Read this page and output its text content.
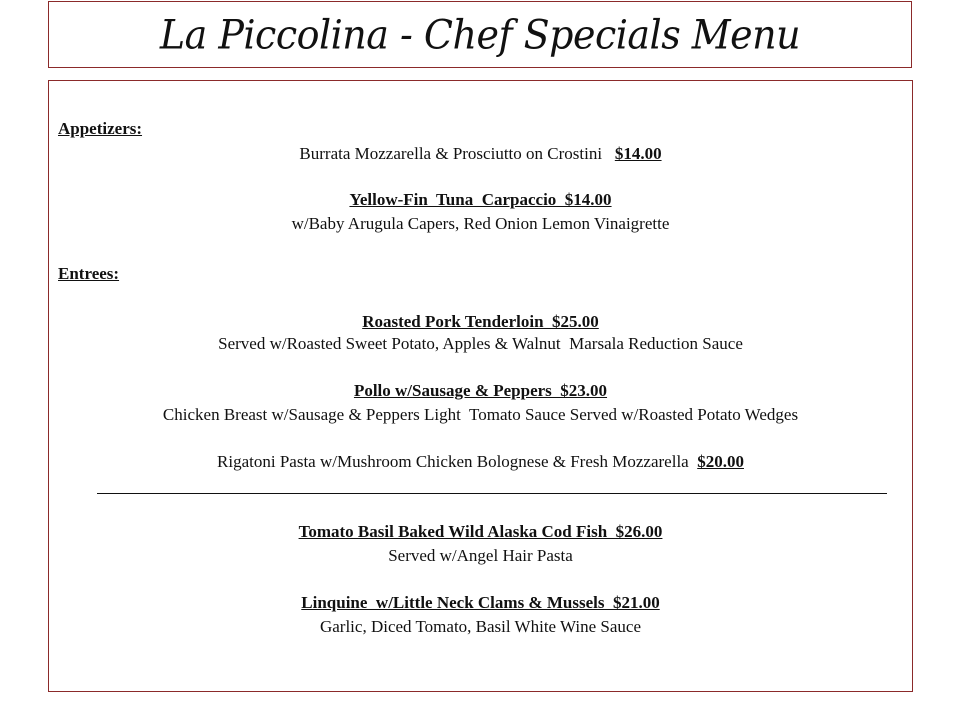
La Piccolina - Chef Specials Menu
Appetizers:
Burrata Mozzarella & Prosciutto on Crostini $14.00
Yellow-Fin  Tuna  Carpaccio  $14.00
w/Baby Arugula Capers, Red Onion Lemon Vinaigrette
Entrees:
Roasted Pork Tenderloin  $25.00
Served w/Roasted Sweet Potato, Apples & Walnut  Marsala Reduction Sauce
Pollo w/Sausage & Peppers  $23.00
Chicken Breast w/Sausage & Peppers Light  Tomato Sauce Served w/Roasted Potato Wedges
Rigatoni Pasta w/Mushroom Chicken Bolognese & Fresh Mozzarella $20.00
Tomato Basil Baked Wild Alaska Cod Fish  $26.00
Served w/Angel Hair Pasta
Linquine  w/Little Neck Clams & Mussels  $21.00
Garlic, Diced Tomato, Basil White Wine Sauce
